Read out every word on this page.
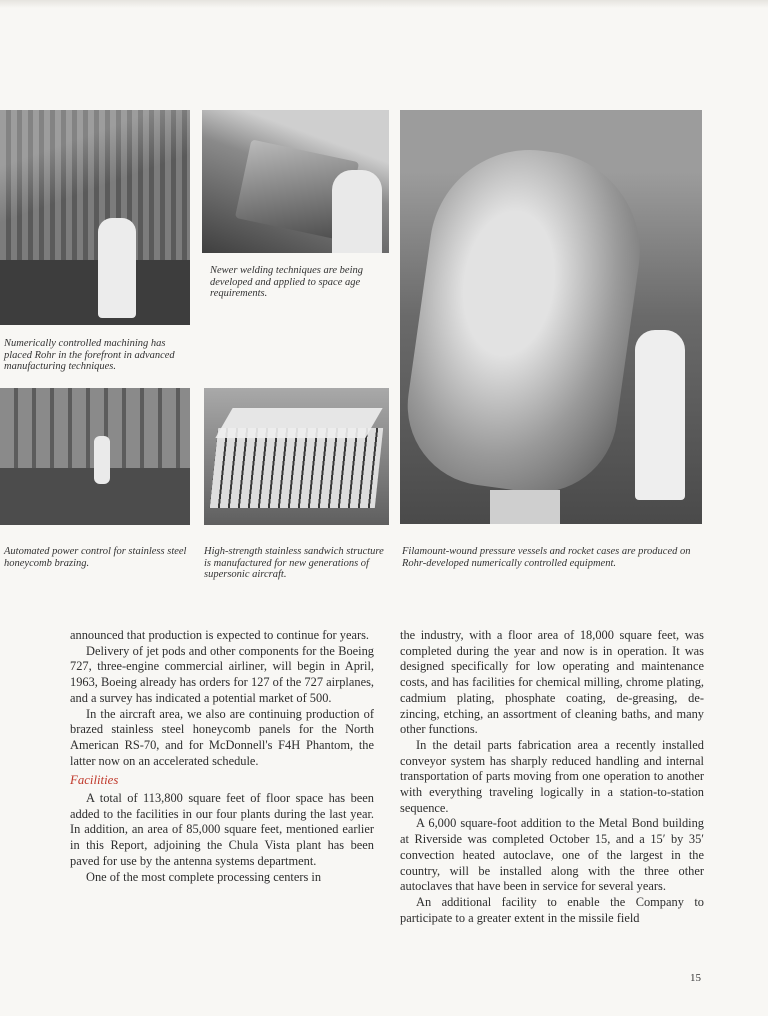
Numerically controlled machining has placed Rohr in the forefront in advanced manufacturing techniques.
Newer welding techniques are being developed and applied to space age requirements.
Automated power control for stainless steel honeycomb brazing.
High-strength stainless sandwich structure is manufactured for new generations of supersonic aircraft.
Filamount-wound pressure vessels and rocket cases are produced on Rohr-developed numerically controlled equipment.

announced that production is expected to continue for years.

Delivery of jet pods and other components for the Boeing 727, three-engine commercial airliner, will begin in April, 1963, Boeing already has orders for 127 of the 727 airplanes, and a survey has indicated a potential market of 500.

In the aircraft area, we also are continuing production of brazed stainless steel honeycomb panels for the North American RS-70, and for McDonnell's F4H Phantom, the latter now on an accelerated schedule.

Facilities

A total of 113,800 square feet of floor space has been added to the facilities in our four plants during the last year. In addition, an area of 85,000 square feet, mentioned earlier in this Report, adjoining the Chula Vista plant has been paved for use by the antenna systems department.

One of the most complete processing centers in

the industry, with a floor area of 18,000 square feet, was completed during the year and now is in operation. It was designed specifically for low operating and maintenance costs, and has facilities for chemical milling, chrome plating, cadmium plating, phosphate coating, de-greasing, de-zincing, etching, an assortment of cleaning baths, and many other functions.

In the detail parts fabrication area a recently installed conveyor system has sharply reduced handling and internal transportation of parts moving from one operation to another with everything traveling logically in a station-to-station sequence.

A 6,000 square-foot addition to the Metal Bond building at Riverside was completed October 15, and a 15′ by 35′ convection heated autoclave, one of the largest in the country, will be installed along with the three other autoclaves that have been in service for several years.

An additional facility to enable the Company to participate to a greater extent in the missile field

15
